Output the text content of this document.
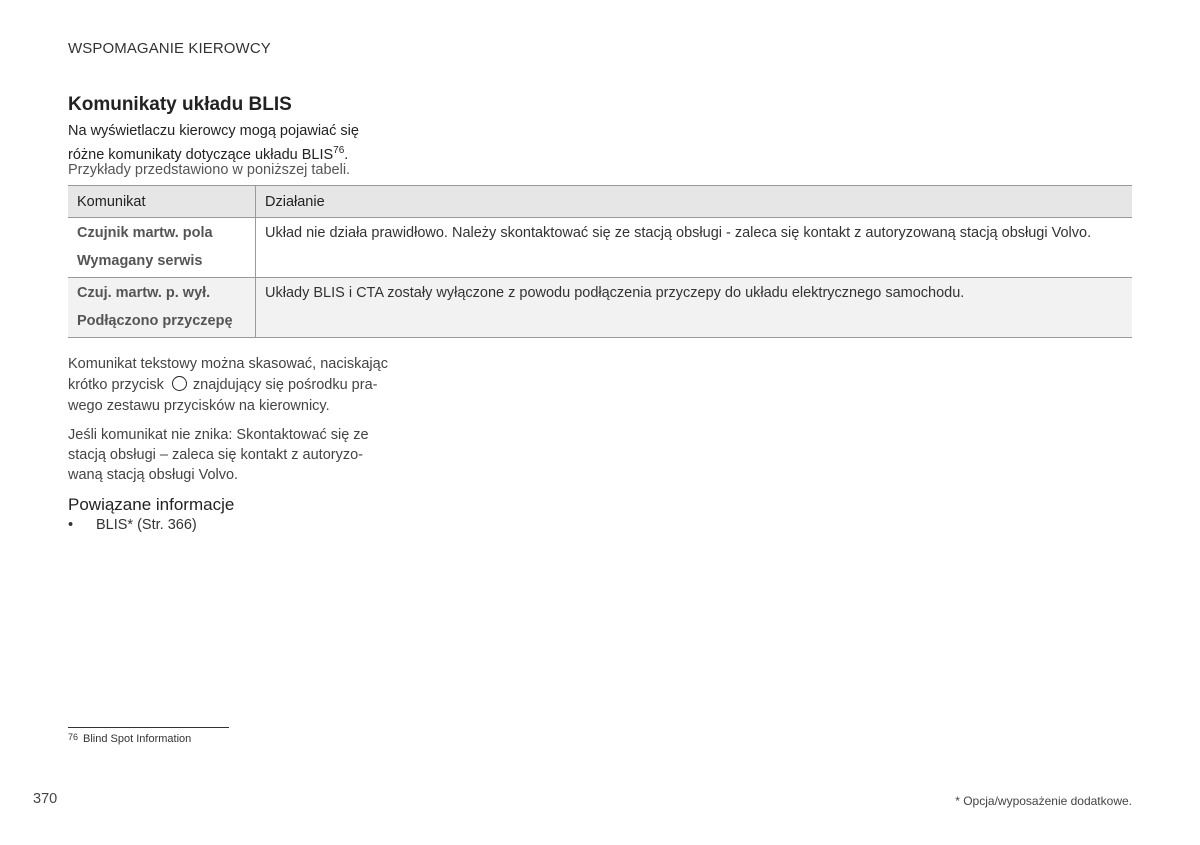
WSPOMAGANIE KIEROWCY
Komunikaty układu BLIS
Na wyświetlaczu kierowcy mogą pojawiać się
różne komunikaty dotyczące układu BLIS$^{76}$.
Przykłady przedstawiono w poniższej tabeli.
Komunikat	Działanie

Czujnik martw. pola
Wymagany serwis	Układ nie działa prawidłowo. Należy skontaktować się ze stacją obsługi - zaleca się kontakt z autoryzowaną stacją obsługi Volvo.

Czuj. martw. p. wył.
Podłączono przyczepę	Układy BLIS i CTA zostały wyłączone z powodu podłączenia przyczepy do układu elektrycznego samochodu.
Komunikat tekstowy można skasować, naciskając
krótko przycisk znajdujący się pośrodku pra-
wego zestawu przycisków na kierownicy.
Jeśli komunikat nie znika: Skontaktować się ze
stacją obsługi – zaleca się kontakt z autoryzo-
waną stacją obsługi Volvo.
Powiązane informacje
• BLIS* (Str. 366)
76 Blind Spot Information
370	* Opcja/wyposażenie dodatkowe.
